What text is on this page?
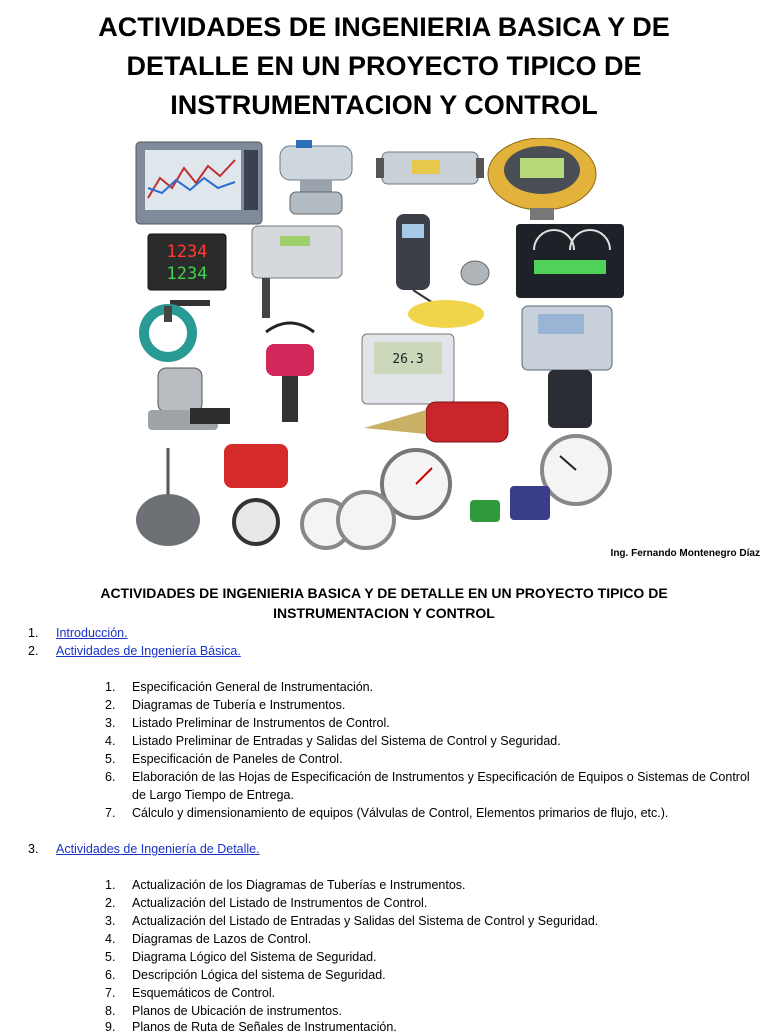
ACTIVIDADES DE INGENIERIA BASICA Y DE
DETALLE EN UN PROYECTO TIPICO DE
INSTRUMENTACION Y CONTROL
1234
1234
26.3
Ing. Fernando Montenegro Díaz
ACTIVIDADES DE INGENIERIA BASICA Y DE DETALLE EN UN PROYECTO TIPICO DE
INSTRUMENTACION Y CONTROL
1. Introducción.
2. Actividades de Ingeniería Básica.
1. Especificación General de Instrumentación.
2. Diagramas de Tubería e Instrumentos.
3. Listado Preliminar de Instrumentos de Control.
4. Listado Preliminar de Entradas y Salidas del Sistema de Control y Seguridad.
5. Especificación de Paneles de Control.
6. Elaboración de las Hojas de Especificación de Instrumentos y Especificación de Equipos o Sistemas de Control de Largo Tiempo de Entrega.
7. Cálculo y dimensionamiento de equipos (Válvulas de Control, Elementos primarios de flujo, etc.).
3. Actividades de Ingeniería de Detalle.
1. Actualización de los Diagramas de Tuberías e Instrumentos.
2. Actualización del Listado de Instrumentos de Control.
3. Actualización del Listado de Entradas y Salidas del Sistema de Control y Seguridad.
4. Diagramas de Lazos de Control.
5. Diagrama Lógico del Sistema de Seguridad.
6. Descripción Lógica del sistema de Seguridad.
7. Esquemáticos de Control.
8. Planos de Ubicación de instrumentos.
9. Planos de Ruta de Señales de Instrumentación.
